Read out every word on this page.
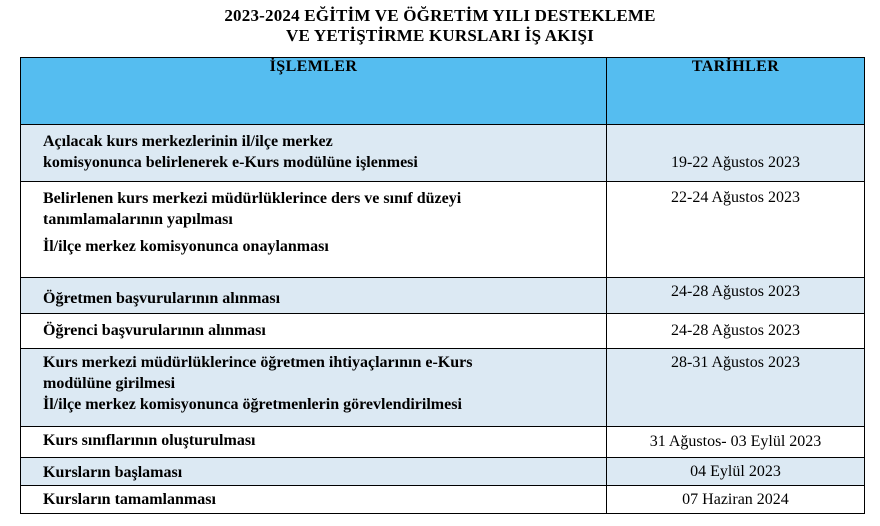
2023-2024 EĞİTİM VE ÖĞRETİM YILI DESTEKLEME
VE YETİŞTİRME KURSLARI İŞ AKIŞI
İŞLEMLER	TARİHLER

Açılacak kurs merkezlerinin il/ilçe merkez
komisyonunca belirlenerek e-Kurs modülüne işlenmesi	19-22 Ağustos 2023

Belirlenen kurs merkezi müdürlüklerince ders ve sınıf düzeyi
tanımlamalarının yapılması
İl/ilçe merkez komisyonunca onaylanması	22-24 Ağustos 2023

Öğretmen başvurularının alınması	24-28 Ağustos 2023

Öğrenci başvurularının alınması	24-28 Ağustos 2023

Kurs merkezi müdürlüklerince öğretmen ihtiyaçlarının e-Kurs
modülüne girilmesi
İl/ilçe merkez komisyonunca öğretmenlerin görevlendirilmesi	28-31 Ağustos 2023

Kurs sınıflarının oluşturulması	31 Ağustos- 03 Eylül 2023

Kursların başlaması	04 Eylül 2023

Kursların tamamlanması	07 Haziran 2024
